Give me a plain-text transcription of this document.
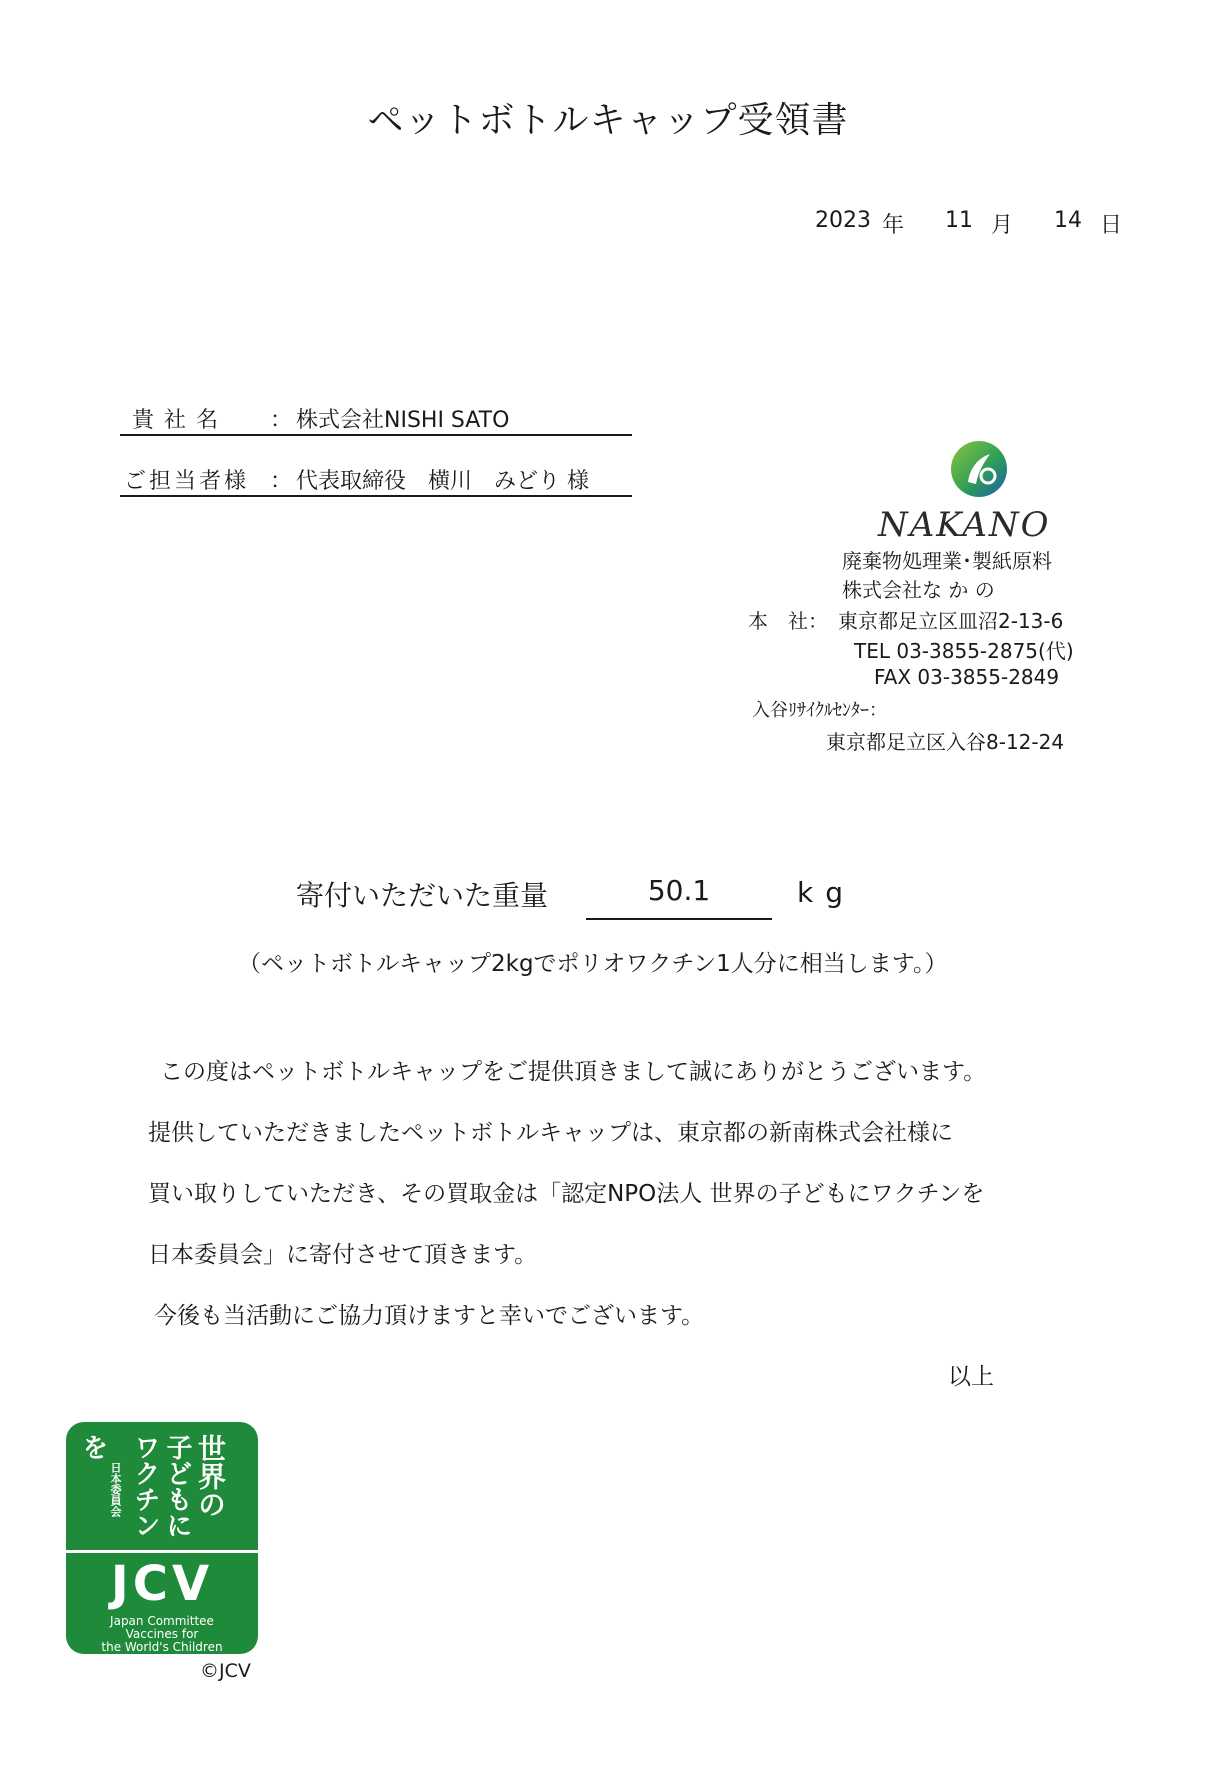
ペットボトルキャップ受領書
2023 年 11 月 14 日
貴社名 ： 株式会社NISHI SATO
ご担当者様 ： 代表取締役　横川　みどり 様
NAKANO
廃棄物処理業･製紙原料
株式会社な か の
本　社： 東京都足立区皿沼2-13-6
TEL 03-3855-2875(代)
FAX 03-3855-2849
入谷ﾘｻｲｸﾙｾﾝﾀｰ：
東京都足立区入谷8-12-24
寄付いただいた重量	50.1	kg
（ペットボトルキャップ2kgでポリオワクチン1人分に相当します。）
この度はペットボトルキャップをご提供頂きまして誠にありがとうございます。
提供していただきましたペットボトルキャップは、東京都の新南株式会社様に
買い取りしていただき、その買取金は「認定NPO法人 世界の子どもにワクチンを
日本委員会」に寄付させて頂きます。
今後も当活動にご協力頂けますと幸いでございます。
以上
世界の
子どもに
ワクチン
日本委員会
を
JCV
Japan Committee
Vaccines for
the World's Children
©JCV
